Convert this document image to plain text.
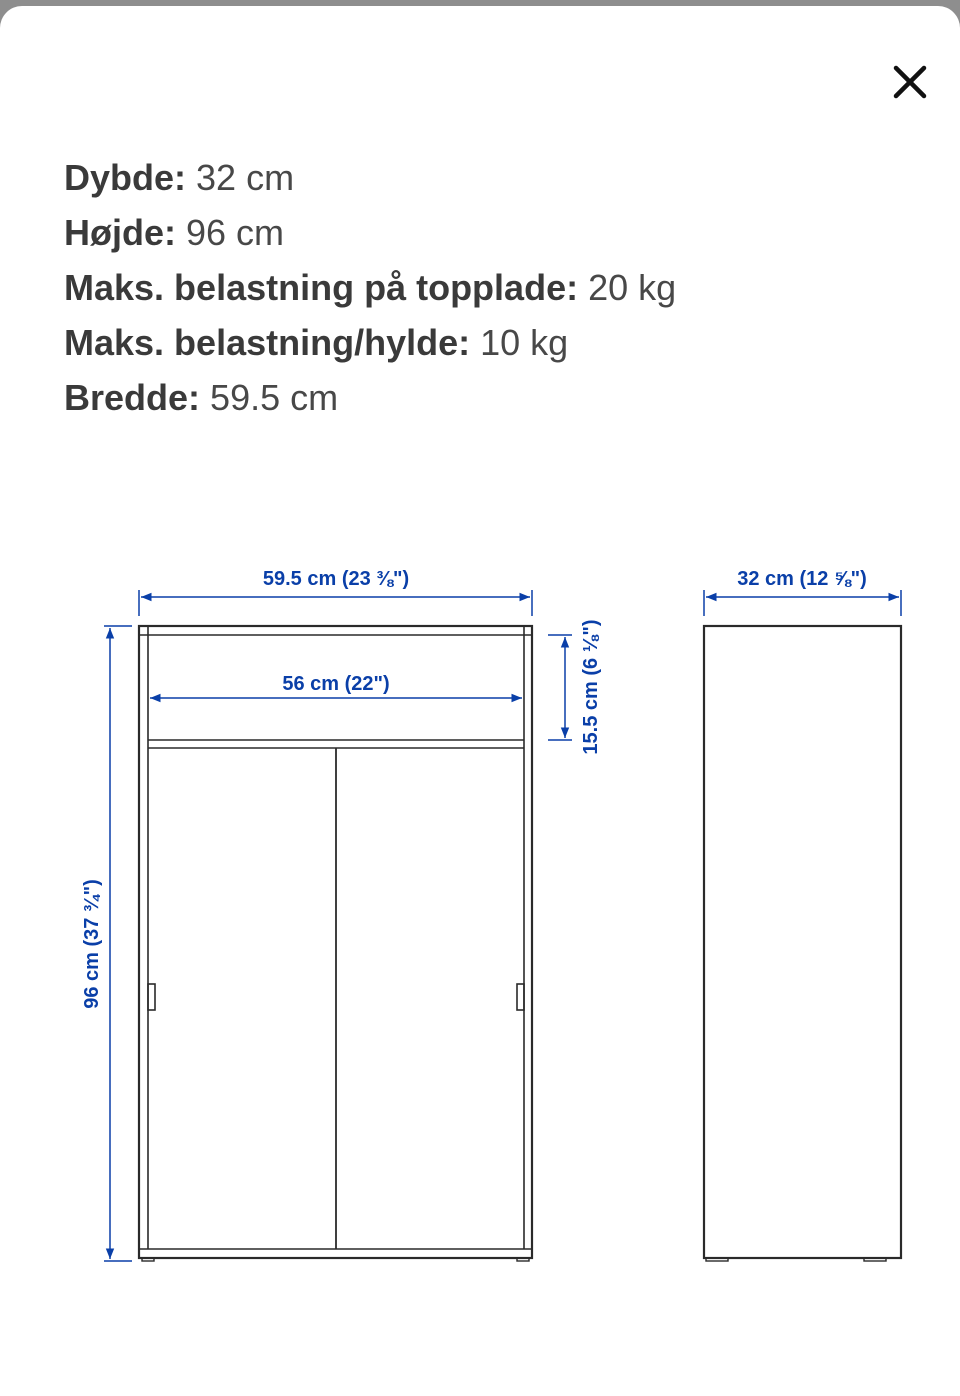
Dybde: 32 cm
Højde: 96 cm
Maks. belastning på topplade: 20 kg
Maks. belastning/hylde: 10 kg
Bredde: 59.5 cm
59.5 cm (23 ⅜")
56 cm (22")	15.5 cm (6 ⅛")
96 cm (37 ¾")
32 cm (12 ⅝")
